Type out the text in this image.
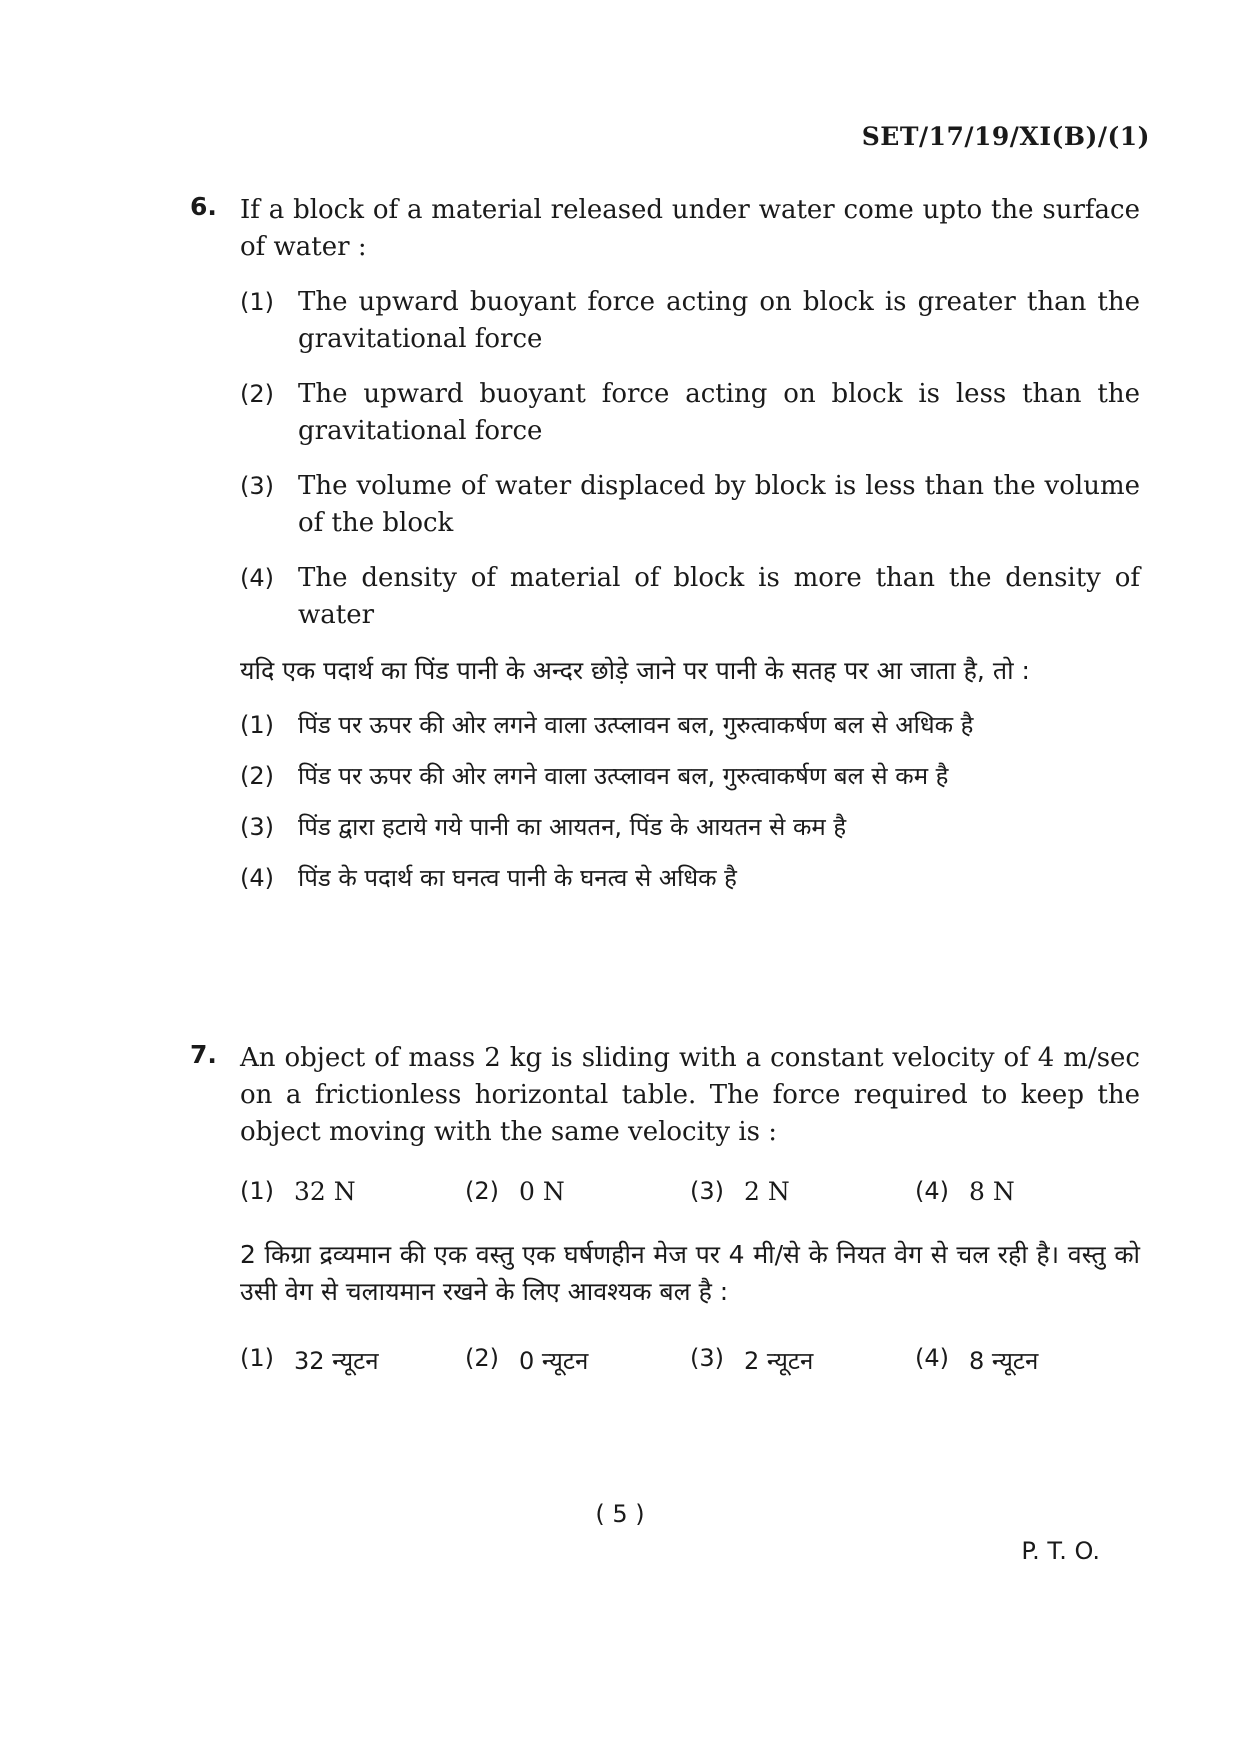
SET/17/19/XI(B)/(1)
6. If a block of a material released under water come upto the surface of water :
(1) The upward buoyant force acting on block is greater than the gravitational force
(2) The upward buoyant force acting on block is less than the gravitational force
(3) The volume of water displaced by block is less than the volume of the block
(4) The density of material of block is more than the density of water
यदि एक पदार्थ का पिंड पानी के अन्दर छोड़े जाने पर पानी के सतह पर आ जाता है, तो :
(1)	पिंड पर ऊपर की ओर लगने वाला उत्प्लावन बल, गुरुत्वाकर्षण बल से अधिक है
(2)	पिंड पर ऊपर की ओर लगने वाला उत्प्लावन बल, गुरुत्वाकर्षण बल से कम है
(3)	पिंड द्वारा हटाये गये पानी का आयतन, पिंड के आयतन से कम है
(4)	पिंड के पदार्थ का घनत्व पानी के घनत्व से अधिक है
7. An object of mass 2 kg is sliding with a constant velocity of 4 m/sec on a frictionless horizontal table. The force required to keep the object moving with the same velocity is :
(1) 32 N	(2) 0 N	(3) 2 N	(4) 8 N
2 किग्रा द्रव्यमान की एक वस्तु एक घर्षणहीन मेज पर 4 मी/से के नियत वेग से चल रही है। वस्तु को उसी वेग से चलायमान रखने के लिए आवश्यक बल है :
(1) 32 न्यूटन	(2) 0 न्यूटन	(3) 2 न्यूटन	(4) 8 न्यूटन
( 5 )
P. T. O.
